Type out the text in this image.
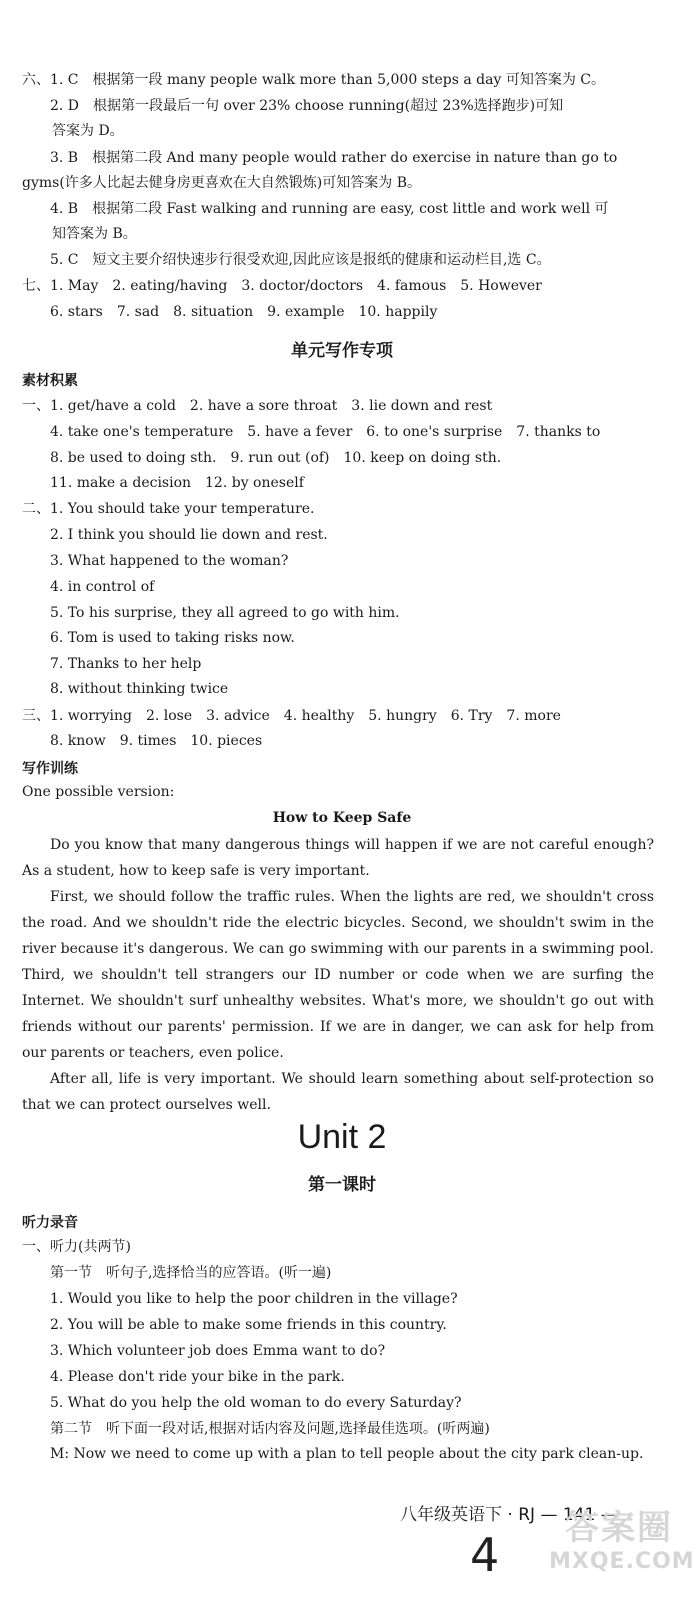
六、1. C　根据第一段 many people walk more than 5,000 steps a day 可知答案为 C。
2. D　根据第一段最后一句 over 23% choose running(超过 23%选择跑步)可知
答案为 D。
3. B　根据第二段 And many people would rather do exercise in nature than go to
gyms(许多人比起去健身房更喜欢在大自然锻炼)可知答案为 B。
4. B　根据第二段 Fast walking and running are easy, cost little and work well 可
知答案为 B。
5. C　短文主要介绍快速步行很受欢迎,因此应该是报纸的健康和运动栏目,选 C。
七、1. May　2. eating/having　3. doctor/doctors　4. famous　5. However
6. stars　7. sad　8. situation　9. example　10. happily
单元写作专项
素材积累
一、1. get/have a cold　2. have a sore throat　3. lie down and rest
4. take one's temperature　5. have a fever　6. to one's surprise　7. thanks to
8. be used to doing sth.　9. run out (of)　10. keep on doing sth.
11. make a decision　12. by oneself
二、1. You should take your temperature.
2. I think you should lie down and rest.
3. What happened to the woman?
4. in control of
5. To his surprise, they all agreed to go with him.
6. Tom is used to taking risks now.
7. Thanks to her help
8. without thinking twice
三、1. worrying　2. lose　3. advice　4. healthy　5. hungry　6. Try　7. more
8. know　9. times　10. pieces
写作训练
One possible version:
How to Keep Safe
Do you know that many dangerous things will happen if we are not careful enough? As a student, how to keep safe is very important.
First, we should follow the traffic rules. When the lights are red, we shouldn't cross the road. And we shouldn't ride the electric bicycles. Second, we shouldn't swim in the river because it's dangerous. We can go swimming with our parents in a swimming pool. Third, we shouldn't tell strangers our ID number or code when we are surfing the Internet. We shouldn't surf unhealthy websites. What's more, we shouldn't go out with friends without our parents' permission. If we are in danger, we can ask for help from our parents or teachers, even police.
After all, life is very important. We should learn something about self-protection so that we can protect ourselves well.
Unit 2
第一课时
听力录音
一、听力(共两节)
第一节　听句子,选择恰当的应答语。(听一遍)
1. Would you like to help the poor children in the village?
2. You will be able to make some friends in this country.
3. Which volunteer job does Emma want to do?
4. Please don't ride your bike in the park.
5. What do you help the old woman to do every Saturday?
第二节　听下面一段对话,根据对话内容及问题,选择最佳选项。(听两遍)
M: Now we need to come up with a plan to tell people about the city park clean-up.
八年级英语下 · RJ — 141 —
4	答案圈
MXQE.COM
